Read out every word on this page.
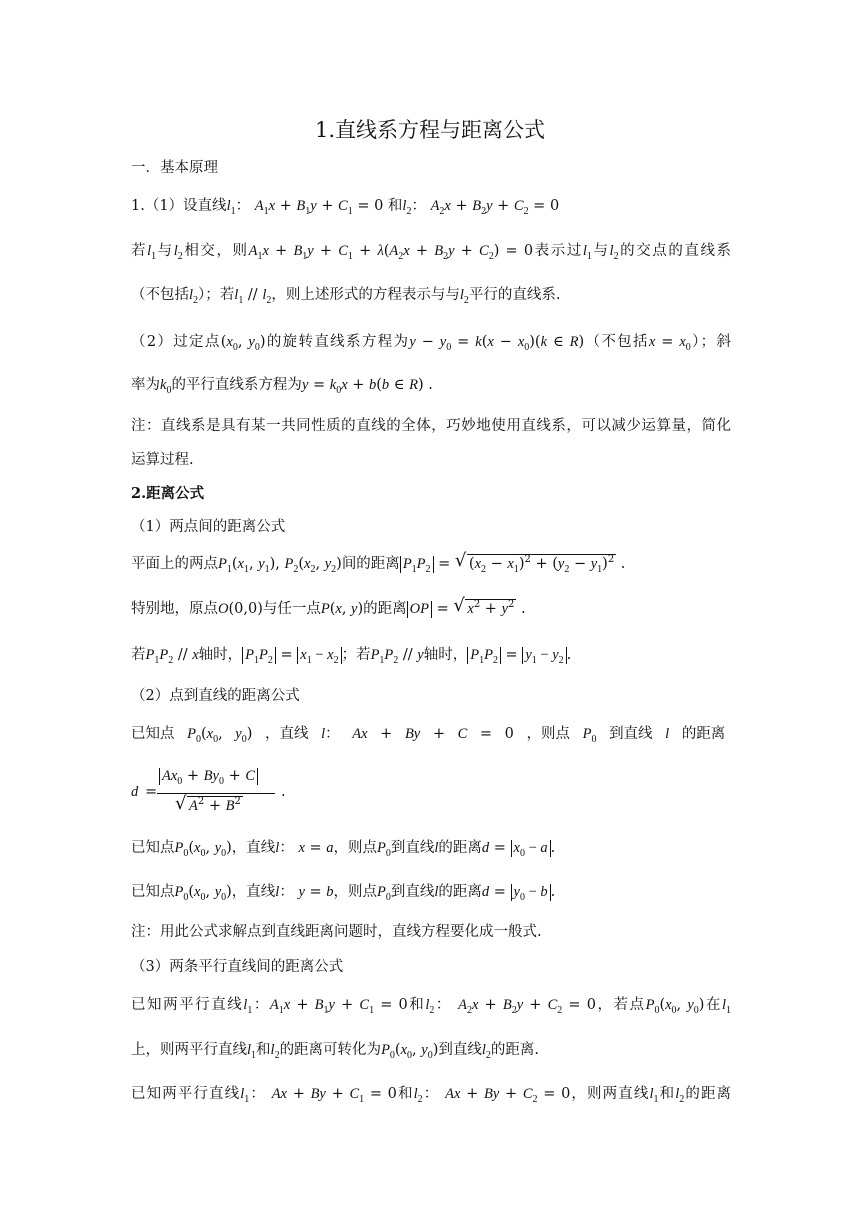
1.直线系方程与距离公式
一．基本原理
1.（1）设直线$l_1$： $A_1x + B_1y + C_1 = 0$ 和$l_2$： $A_2x + B_2y + C_2 = 0$
若$l_1$与$l_2$相交，则$A_1x + B_1y + C_1 + \lambda(A_2x + B_2y + C_2) = 0$表示过$l_1$与$l_2$的交点的直线系
（不包括$l_2$）；若$l_1 // l_2$，则上述形式的方程表示与与$l_2$平行的直线系.
（2）过定点($x_0$, $y_0$)的旋转直线系方程为$y - y_0 = k(x - x_0)(k$ ∈ R)（不包括$x = x_0$）；斜
率为$k_0$的平行直线系方程为$y = k_0x + b(b$ ∈ R) .
注：直线系是具有某一共同性质的直线的全体，巧妙地使用直线系，可以减少运算量，简化
运算过程.
2.距离公式
（1）两点间的距离公式
平面上的两点$P_1(x_1$, $y_1$), $P_2(x_2$, $y_2$)间的距离 $P_1P_2$ = √ $(x_2 - x_1)^2 + (y_2 - y_1)^2$ .
特别地，原点O(0,0)与任一点P(x, y)的距离 OP = √ $x^2 + y^2$ .
若$P_1P_2$ // x轴时， $P_1P_2 = x_1 - x_2$ ；若$P_1P_2$ // y轴时， $P_1P_2 = y_1 - y_2$ .
（2）点到直线的距离公式
已知点 $P_0(x_0$, $y_0$) ，直线 l： Ax + By + C = 0 ，则点 $P_0$ 到直线 l 的距离
d =
$Ax_0 + By_0 + C$
√ $A^2 + B^2$
.
已知点$P_0(x_0$, $y_0$)，直线l： x = a，则点$P_0$到直线l的距离$d = x_0 - a$ .
已知点$P_0(x_0$, $y_0$)，直线l： y = b，则点$P_0$到直线l的距离$d = y_0 - b$ .
注：用此公式求解点到直线距离问题时，直线方程要化成一般式.
（3）两条平行直线间的距离公式
已知两平行直线$l_1$：$A_1x + B_1y + C_1 = 0$和$l_2$： $A_2x + B_2y + C_2 = 0$，若点$P_0(x_0$, $y_0$)在$l_1$
上，则两平行直线$l_1$和$l_2$的距离可转化为$P_0(x_0$, $y_0$)到直线$l_2$的距离.
已知两平行直线$l_1$： $Ax + By + C_1 = 0$和$l_2$： $Ax + By + C_2 = 0$，则两直线$l_1$和$l_2$的距离
